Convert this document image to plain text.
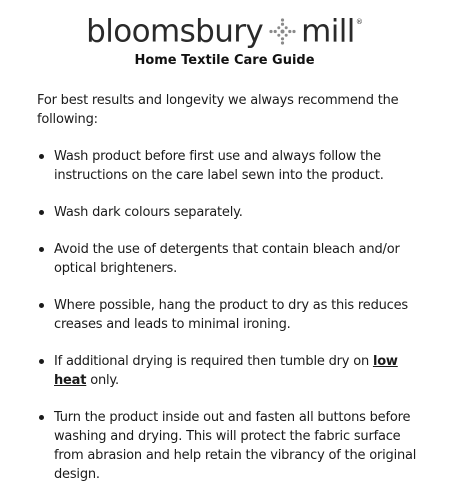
bloomsbury mill®
Home Textile Care Guide

For best results and longevity we always recommend the following:

Wash product before first use and always follow the instructions on the care label sewn into the product.
Wash dark colours separately.
Avoid the use of detergents that contain bleach and/or optical brighteners.
Where possible, hang the product to dry as this reduces creases and leads to minimal ironing.
If additional drying is required then tumble dry on low heat only.
Turn the product inside out and fasten all buttons before washing and drying. This will protect the fabric surface from abrasion and help retain the vibrancy of the original design.
